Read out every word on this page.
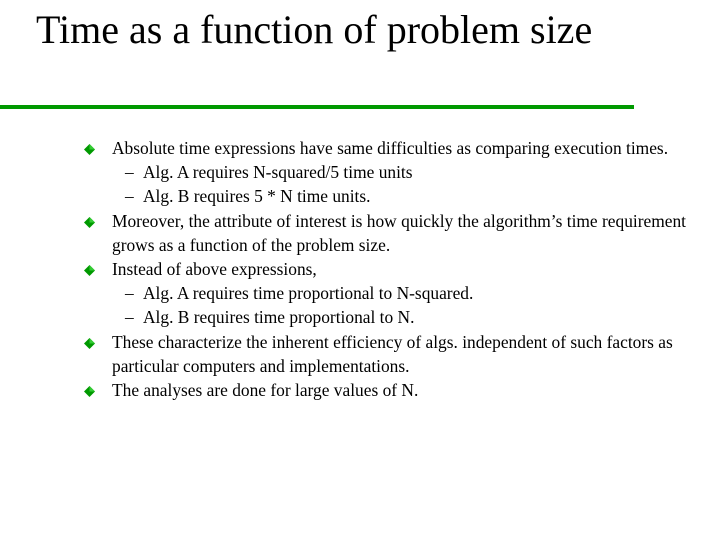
Time as a function of problem size
Absolute time expressions have same difficulties as comparing execution times.
– Alg. A requires N-squared/5 time units
– Alg. B requires 5 * N time units.
Moreover, the attribute of interest is how quickly the algorithm’s time requirement grows as a function of the problem size.
Instead of above expressions,
– Alg. A requires time proportional to N-squared.
– Alg. B requires time proportional to N.
These characterize the inherent efficiency of algs. independent of such factors as particular computers and implementations.
The analyses are done for large values of N.
